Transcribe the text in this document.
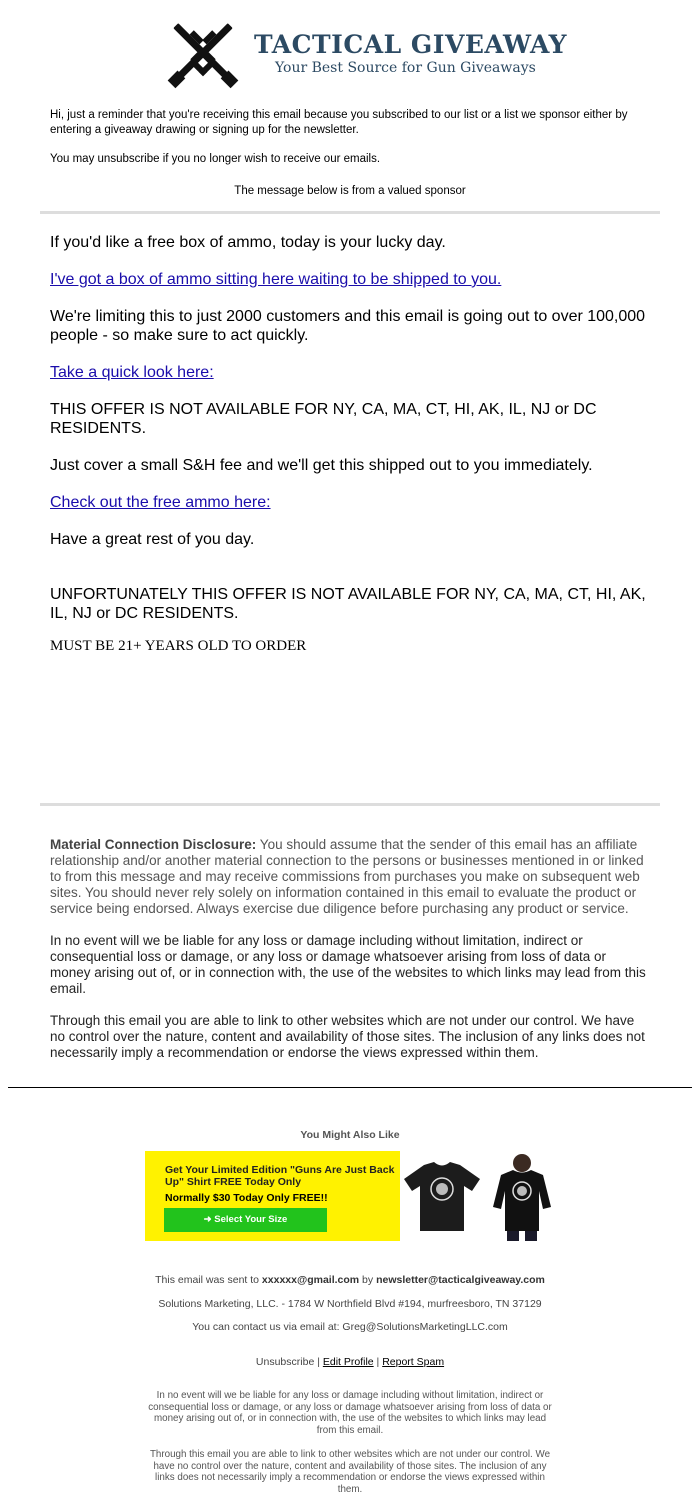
TACTICAL GIVEAWAY
Your Best Source for Gun Giveaways

Hi, just a reminder that you're receiving this email because you subscribed to our list or a list we sponsor either by entering a giveaway drawing or signing up for the newsletter.

You may unsubscribe if you no longer wish to receive our emails.
The message below is from a valued sponsor

If you'd like a free box of ammo, today is your lucky day.

I've got a box of ammo sitting here waiting to be shipped to you.

We're limiting this to just 2000 customers and this email is going out to over 100,000 people - so make sure to act quickly.

Take a quick look here:

THIS OFFER IS NOT AVAILABLE FOR NY, CA, MA, CT, HI, AK, IL, NJ or DC RESIDENTS.

Just cover a small S&H fee and we'll get this shipped out to you immediately.

Check out the free ammo here:

Have a great rest of you day.

UNFORTUNATELY THIS OFFER IS NOT AVAILABLE FOR NY, CA, MA, CT, HI, AK, IL, NJ or DC RESIDENTS.

MUST BE 21+ YEARS OLD TO ORDER

Material Connection Disclosure: You should assume that the sender of this email has an affiliate relationship and/or another material connection to the persons or businesses mentioned in or linked to from this message and may receive commissions from purchases you make on subsequent web sites. You should never rely solely on information contained in this email to evaluate the product or service being endorsed. Always exercise due diligence before purchasing any product or service.

In no event will we be liable for any loss or damage including without limitation, indirect or consequential loss or damage, or any loss or damage whatsoever arising from loss of data or money arising out of, or in connection with, the use of the websites to which links may lead from this email.

Through this email you are able to link to other websites which are not under our control. We have no control over the nature, content and availability of those sites. The inclusion of any links does not necessarily imply a recommendation or endorse the views expressed within them.

You Might Also Like
Get Your Limited Edition "Guns Are Just Back Up" Shirt FREE Today Only
Normally $30 Today Only FREE!!
➜ Select Your Size
This email was sent to xxxxxx@gmail.com by newsletter@tacticalgiveaway.com
Solutions Marketing, LLC. - 1784 W Northfield Blvd #194, murfreesboro, TN 37129
You can contact us via email at: Greg@SolutionsMarketingLLC.com
Unsubscribe | Edit Profile | Report Spam
In no event will we be liable for any loss or damage including without limitation, indirect or consequential loss or damage, or any loss or damage whatsoever arising from loss of data or money arising out of, or in connection with, the use of the websites to which links may lead from this email.
Through this email you are able to link to other websites which are not under our control. We have no control over the nature, content and availability of those sites. The inclusion of any links does not necessarily imply a recommendation or endorse the views expressed within them.
